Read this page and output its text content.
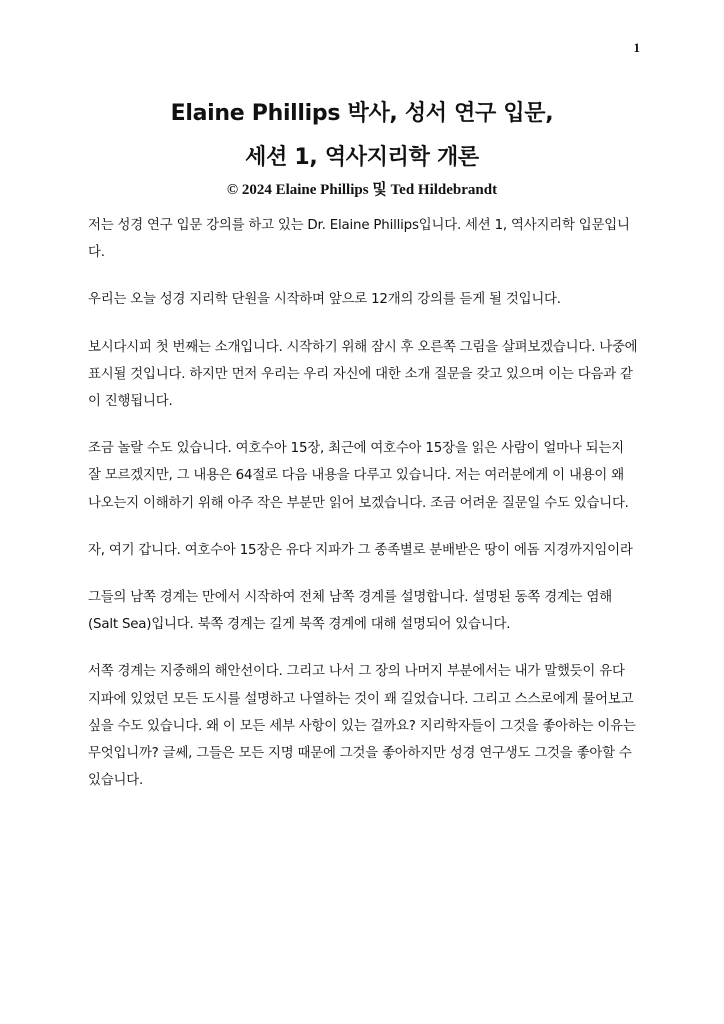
1

Elaine Phillips 박사, 성서 연구 입문,

세션 1, 역사지리학 개론

© 2024 Elaine Phillips 및 Ted Hildebrandt

저는 성경 연구 입문 강의를 하고 있는 Dr. Elaine Phillips입니다. 세션 1, 역사지리학 입문입니다.

우리는 오늘 성경 지리학 단원을 시작하며 앞으로 12개의 강의를 듣게 될 것입니다.

보시다시피 첫 번째는 소개입니다. 시작하기 위해 잠시 후 오른쪽 그림을 살펴보겠습니다. 나중에 표시될 것입니다. 하지만 먼저 우리는 우리 자신에 대한 소개 질문을 갖고 있으며 이는 다음과 같이 진행됩니다.

조금 놀랄 수도 있습니다. 여호수아 15장, 최근에 여호수아 15장을 읽은 사람이 얼마나 되는지 잘 모르겠지만, 그 내용은 64절로 다음 내용을 다루고 있습니다. 저는 여러분에게 이 내용이 왜 나오는지 이해하기 위해 아주 작은 부분만 읽어 보겠습니다. 조금 어려운 질문일 수도 있습니다.

자, 여기 갑니다. 여호수아 15장은 유다 지파가 그 종족별로 분배받은 땅이 에돔 지경까지임이라

그들의 남쪽 경계는 만에서 시작하여 전체 남쪽 경계를 설명합니다. 설명된 동쪽 경계는 염해(Salt Sea)입니다. 북쪽 경계는 길게 북쪽 경계에 대해 설명되어 있습니다.

서쪽 경계는 지중해의 해안선이다. 그리고 나서 그 장의 나머지 부분에서는 내가 말했듯이 유다 지파에 있었던 모든 도시를 설명하고 나열하는 것이 꽤 길었습니다. 그리고 스스로에게 물어보고 싶을 수도 있습니다. 왜 이 모든 세부 사항이 있는 걸까요? 지리학자들이 그것을 좋아하는 이유는 무엇입니까? 글쎄, 그들은 모든 지명 때문에 그것을 좋아하지만 성경 연구생도 그것을 좋아할 수 있습니다.
